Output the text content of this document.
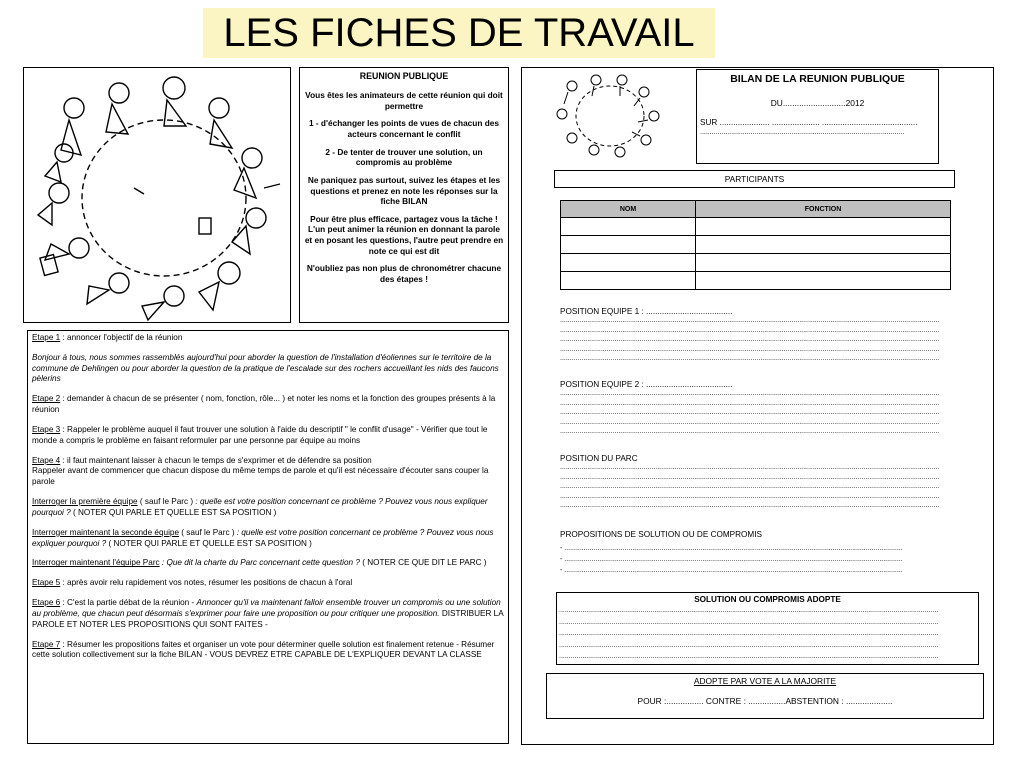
LES FICHES DE TRAVAIL

REUNION PUBLIQUE

Vous êtes les animateurs de cette réunion qui doit permettre

1 - d'échanger les points de vues de chacun des acteurs concernant le conflit

2 - De tenter de trouver une solution, un compromis au problème

Ne paniquez pas surtout, suivez les étapes et les questions et prenez en note les réponses sur la fiche BILAN

Pour être plus efficace, partagez vous la tâche ! L'un peut animer la réunion en donnant la parole et en posant les questions, l'autre peut prendre en note ce qui est dit

N'oubliez pas non plus de chronométrer chacune des étapes !

Etape 1 : annoncer l'objectif de la réunion

Bonjour à tous, nous sommes rassemblés aujourd'hui pour aborder la question de l'installation d'éoliennes sur le territoire de la commune de Dehlingen ou pour aborder la question de la pratique de l'escalade sur des rochers accueillant les nids des faucons pèlerins

Etape 2 : demander à chacun de se présenter ( nom, fonction, rôle... ) et noter les noms et la fonction des groupes présents à la réunion

Etape 3 : Rappeler le problème auquel il faut trouver une solution à l'aide du descriptif " le conflit d'usage" - Vérifier que tout le monde a compris le problème en faisant reformuler par une personne par équipe au moins

Etape 4 : il faut maintenant laisser à chacun le temps de s'exprimer et de défendre sa position
Rappeler avant de commencer que chacun dispose du même temps de parole et qu'il est nécessaire d'écouter sans couper la parole

Interroger la première équipe ( sauf le Parc ) : quelle est votre position concernant ce problème ? Pouvez vous nous expliquer pourquoi ? ( NOTER QUI PARLE ET QUELLE EST SA POSITION )

Interroger maintenant la seconde équipe ( sauf le Parc ) : quelle est votre position concernant ce problème ? Pouvez vous nous expliquer pourquoi ? ( NOTER QUI PARLE ET QUELLE EST SA POSITION )

Interroger maintenant l'équipe Parc : Que dit la charte du Parc concernant cette question ? ( NOTER CE QUE DIT LE PARC )

Etape 5 : après avoir relu rapidement vos notes, résumer les positions de chacun à l'oral

Etape 6 : C'est la partie débat de la réunion - Annoncer qu'il va maintenant falloir ensemble trouver un compromis ou une solution au problème, que chacun peut désormais s'exprimer pour faire une proposition ou pour critiquer une proposition. DISTRIBUER LA PAROLE ET NOTER LES PROPOSITIONS QUI SONT FAITES -

Etape 7 : Résumer les propositions faites et organiser un vote pour déterminer quelle solution est finalement retenue - Résumer cette solution collectivement sur la fiche BILAN - VOUS DEVREZ ETRE CAPABLE DE L'EXPLIQUER DEVANT LA CLASSE

BILAN DE LA REUNION PUBLIQUE
DU...........................2012
SUR ...................... ..................... ..........................................
.........................................................................................................
PARTICIPANTS
NOM	FONCTION

POSITION EQUIPE 1 : ......................................
...................................................................................................................................................................................................
...................................................................................................................................................................................................
...................................................................................................................................................................................................
...................................................................................................................................................................................................
...................................................................................................................................................................................................
POSITION EQUIPE 2 : ......................................
...................................................................................................................................................................................................
...................................................................................................................................................................................................
...................................................................................................................................................................................................
...................................................................................................................................................................................................
...................................................................................................................................................................................................
POSITION DU PARC
...................................................................................................................................................................................................
...................................................................................................................................................................................................
...................................................................................................................................................................................................
...................................................................................................................................................................................................
...................................................................................................................................................................................................
PROPOSITIONS DE SOLUTION OU DE COMPROMIS
- ..............................................................................................................................................................................
- ..............................................................................................................................................................................
- ..............................................................................................................................................................................
SOLUTION OU COMPROMIS ADOPTE
...................................................................................................................................................................................................
...................................................................................................................................................................................................
...................................................................................................................................................................................................
...................................................................................................................................................................................................
...................................................................................................................................................................................................
ADOPTE PAR VOTE A LA MAJORITE
POUR :................ CONTRE : ................ABSTENTION : ....................
